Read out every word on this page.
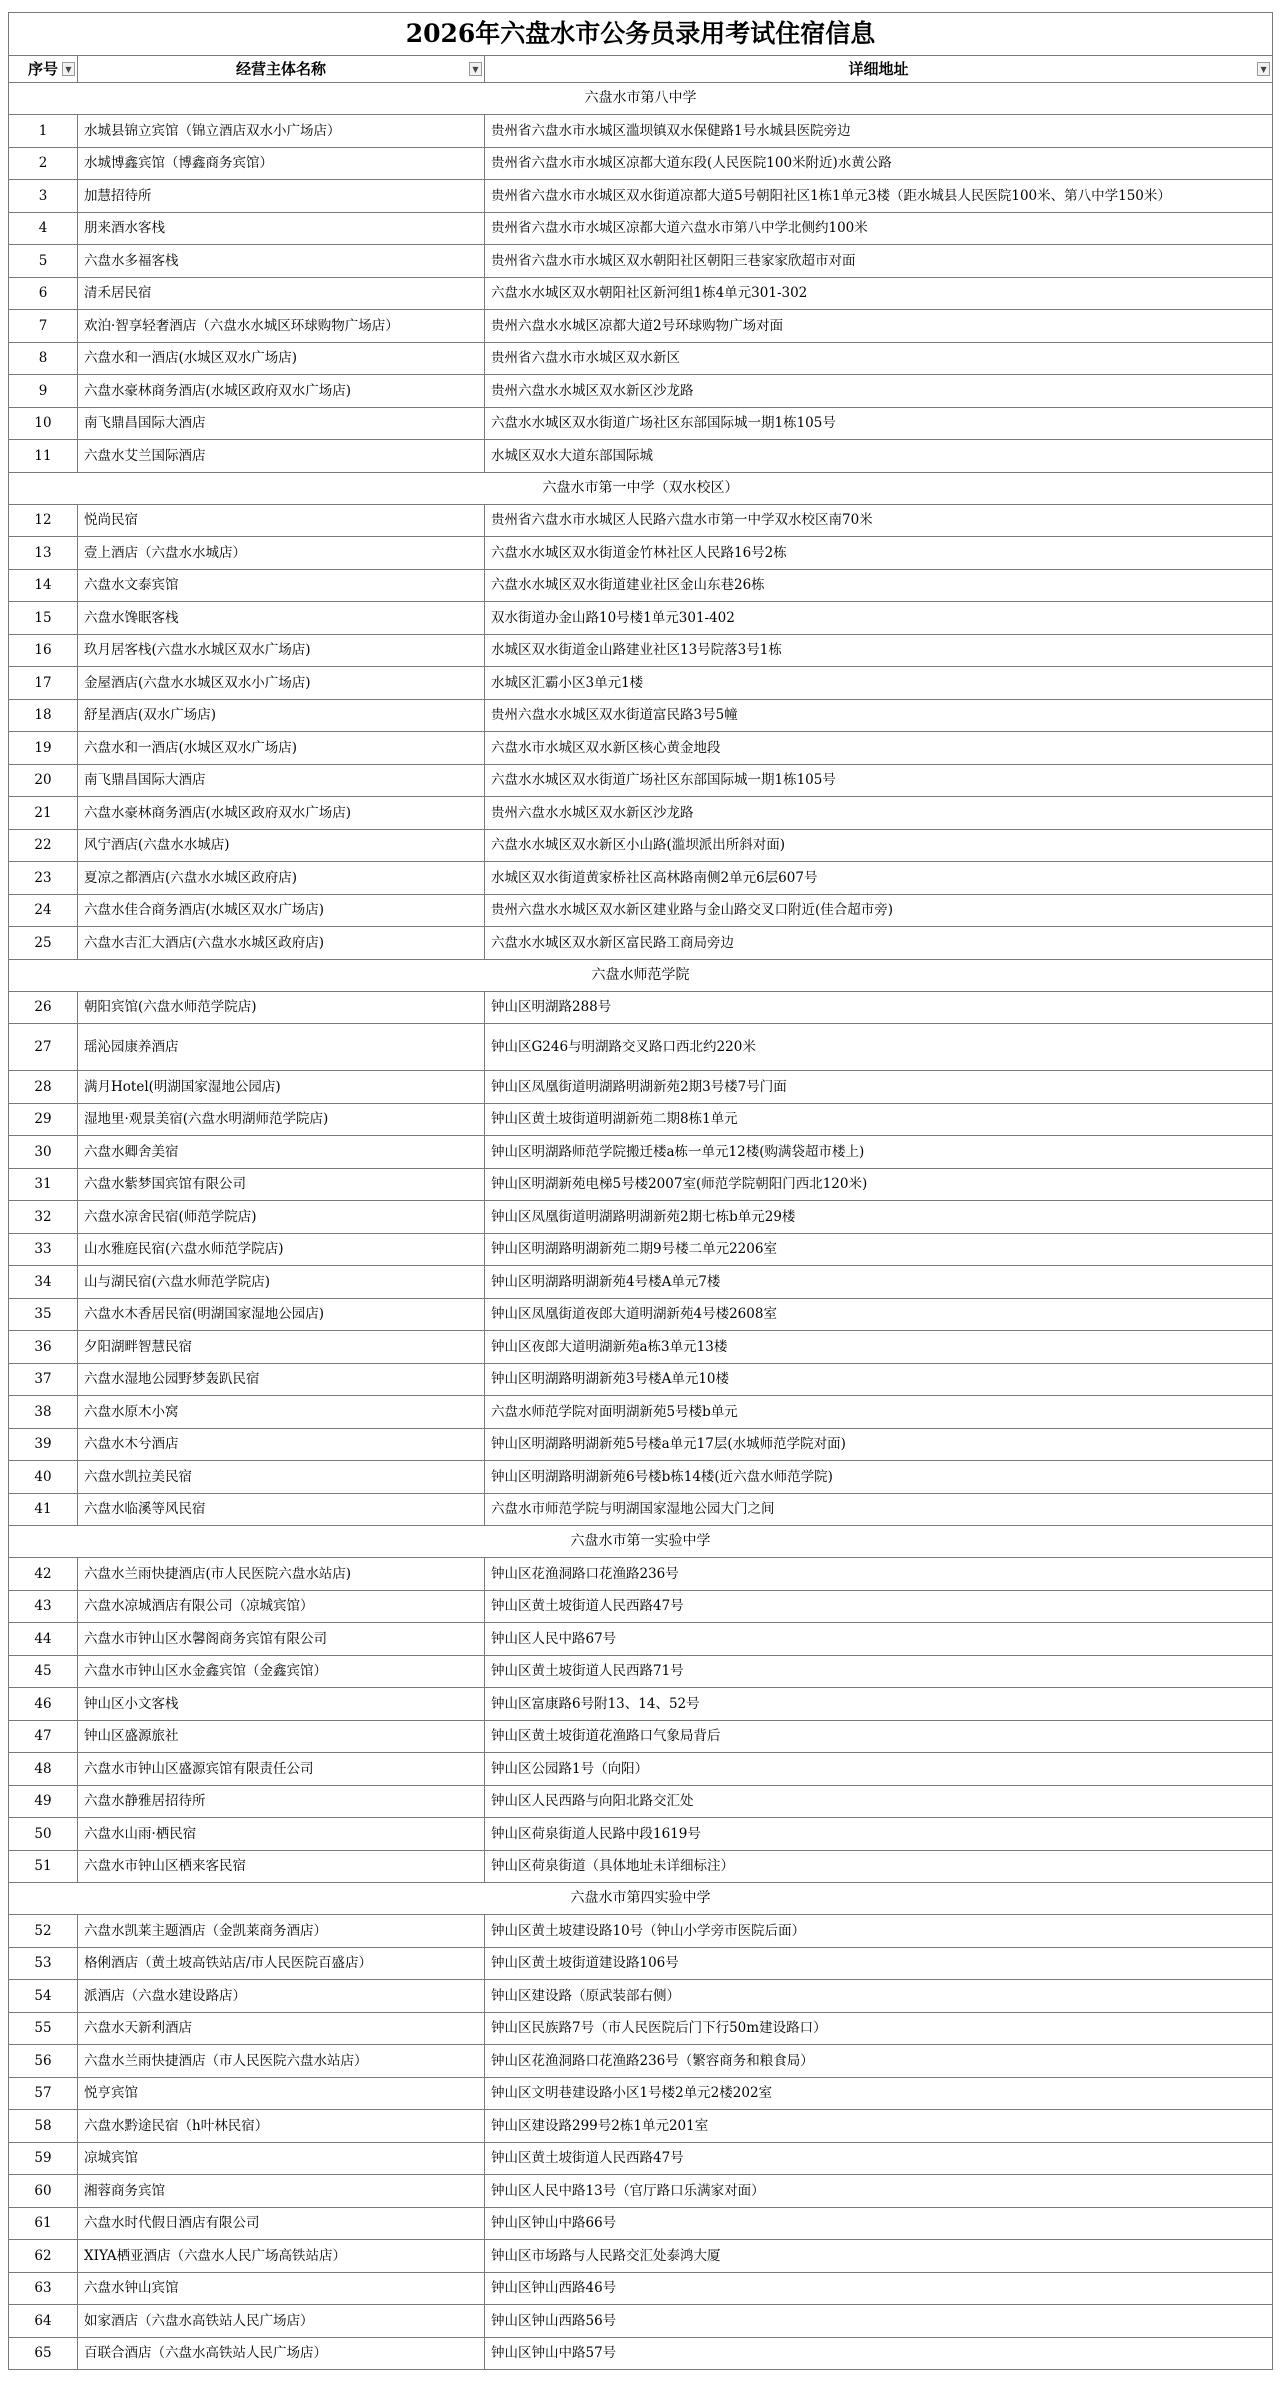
2026年六盘水市公务员录用考试住宿信息		
序号 ▼	经营主体名称 ▼	详细地址 ▼

六盘水市第八中学		
1	水城县锦立宾馆（锦立酒店双水小广场店）	贵州省六盘水市水城区滥坝镇双水保健路1号水城县医院旁边
2	水城博鑫宾馆（博鑫商务宾馆）	贵州省六盘水市水城区凉都大道东段(人民医院100米附近)水黄公路
3	加慧招待所	贵州省六盘水市水城区双水街道凉都大道5号朝阳社区1栋1单元3楼（距水城县人民医院100米、第八中学150米）
4	朋来酒水客栈	贵州省六盘水市水城区凉都大道六盘水市第八中学北侧约100米
5	六盘水多福客栈	贵州省六盘水市水城区双水朝阳社区朝阳三巷家家欣超市对面
6	清禾居民宿	六盘水水城区双水朝阳社区新河组1栋4单元301-302
7	欢泊·智享轻奢酒店（六盘水水城区环球购物广场店）	贵州六盘水水城区凉都大道2号环球购物广场对面
8	六盘水和一酒店(水城区双水广场店)	贵州省六盘水市水城区双水新区
9	六盘水豪林商务酒店(水城区政府双水广场店)	贵州六盘水水城区双水新区沙龙路
10	南飞鼎昌国际大酒店	六盘水水城区双水街道广场社区东部国际城一期1栋105号
11	六盘水艾兰国际酒店	水城区双水大道东部国际城
六盘水市第一中学（双水校区）		
12	悦尚民宿	贵州省六盘水市水城区人民路六盘水市第一中学双水校区南70米
13	壹上酒店（六盘水水城店）	六盘水水城区双水街道金竹林社区人民路16号2栋
14	六盘水文泰宾馆	六盘水水城区双水街道建业社区金山东巷26栋
15	六盘水馋眠客栈	双水街道办金山路10号楼1单元301-402
16	玖月居客栈(六盘水水城区双水广场店)	水城区双水街道金山路建业社区13号院落3号1栋
17	金屋酒店(六盘水水城区双水小广场店)	水城区汇霸小区3单元1楼
18	舒星酒店(双水广场店)	贵州六盘水水城区双水街道富民路3号5幢
19	六盘水和一酒店(水城区双水广场店)	六盘水市水城区双水新区核心黄金地段
20	南飞鼎昌国际大酒店	六盘水水城区双水街道广场社区东部国际城一期1栋105号
21	六盘水豪林商务酒店(水城区政府双水广场店)	贵州六盘水水城区双水新区沙龙路
22	风宁酒店(六盘水水城店)	六盘水水城区双水新区小山路(滥坝派出所斜对面)
23	夏凉之都酒店(六盘水水城区政府店)	水城区双水街道黄家桥社区高林路南侧2单元6层607号
24	六盘水佳合商务酒店(水城区双水广场店)	贵州六盘水水城区双水新区建业路与金山路交叉口附近(佳合超市旁)
25	六盘水吉汇大酒店(六盘水水城区政府店)	六盘水水城区双水新区富民路工商局旁边
六盘水师范学院		
26	朝阳宾馆(六盘水师范学院店)	钟山区明湖路288号
27	瑶沁园康养酒店	钟山区G246与明湖路交叉路口西北约220米
28	满月Hotel(明湖国家湿地公园店)	钟山区凤凰街道明湖路明湖新苑2期3号楼7号门面
29	湿地里·观景美宿(六盘水明湖师范学院店)	钟山区黄土坡街道明湖新苑二期8栋1单元
30	六盘水卿舍美宿	钟山区明湖路师范学院搬迁楼a栋一单元12楼(购满袋超市楼上)
31	六盘水紫梦国宾馆有限公司	钟山区明湖新苑电梯5号楼2007室(师范学院朝阳门西北120米)
32	六盘水凉舍民宿(师范学院店)	钟山区凤凰街道明湖路明湖新苑2期七栋b单元29楼
33	山水雅庭民宿(六盘水师范学院店)	钟山区明湖路明湖新苑二期9号楼二单元2206室
34	山与湖民宿(六盘水师范学院店)	钟山区明湖路明湖新苑4号楼A单元7楼
35	六盘水木香居民宿(明湖国家湿地公园店)	钟山区凤凰街道夜郎大道明湖新苑4号楼2608室
36	夕阳湖畔智慧民宿	钟山区夜郎大道明湖新苑a栋3单元13楼
37	六盘水湿地公园野梦轰趴民宿	钟山区明湖路明湖新苑3号楼A单元10楼
38	六盘水原木小窝	六盘水师范学院对面明湖新苑5号楼b单元
39	六盘水木兮酒店	钟山区明湖路明湖新苑5号楼a单元17层(水城师范学院对面)
40	六盘水凯拉美民宿	钟山区明湖路明湖新苑6号楼b栋14楼(近六盘水师范学院)
41	六盘水临溪等风民宿	六盘水市师范学院与明湖国家湿地公园大门之间
六盘水市第一实验中学		
42	六盘水兰雨快捷酒店(市人民医院六盘水站店)	钟山区花渔洞路口花渔路236号
43	六盘水凉城酒店有限公司（凉城宾馆）	钟山区黄土坡街道人民西路47号
44	六盘水市钟山区水馨阁商务宾馆有限公司	钟山区人民中路67号
45	六盘水市钟山区水金鑫宾馆（金鑫宾馆）	钟山区黄土坡街道人民西路71号
46	钟山区小文客栈	钟山区富康路6号附13、14、52号
47	钟山区盛源旅社	钟山区黄土坡街道花渔路口气象局背后
48	六盘水市钟山区盛源宾馆有限责任公司	钟山区公园路1号（向阳）
49	六盘水静雅居招待所	钟山区人民西路与向阳北路交汇处
50	六盘水山雨·栖民宿	钟山区荷泉街道人民路中段1619号
51	六盘水市钟山区栖来客民宿	钟山区荷泉街道（具体地址未详细标注）
六盘水市第四实验中学		
52	六盘水凯莱主题酒店（金凯莱商务酒店）	钟山区黄土坡建设路10号（钟山小学旁市医院后面）
53	格俐酒店（黄土坡高铁站店/市人民医院百盛店）	钟山区黄土坡街道建设路106号
54	派酒店（六盘水建设路店）	钟山区建设路（原武装部右侧）
55	六盘水天新利酒店	钟山区民族路7号（市人民医院后门下行50m建设路口）
56	六盘水兰雨快捷酒店（市人民医院六盘水站店）	钟山区花渔洞路口花渔路236号（繁容商务和粮食局）
57	悦亨宾馆	钟山区文明巷建设路小区1号楼2单元2楼202室
58	六盘水黔途民宿（h叶林民宿）	钟山区建设路299号2栋1单元201室
59	凉城宾馆	钟山区黄土坡街道人民西路47号
60	湘蓉商务宾馆	钟山区人民中路13号（官厅路口乐满家对面）
61	六盘水时代假日酒店有限公司	钟山区钟山中路66号
62	XIYA栖亚酒店（六盘水人民广场高铁站店）	钟山区市场路与人民路交汇处泰鸿大厦
63	六盘水钟山宾馆	钟山区钟山西路46号
64	如家酒店（六盘水高铁站人民广场店）	钟山区钟山西路56号
65	百联合酒店（六盘水高铁站人民广场店）	钟山区钟山中路57号
